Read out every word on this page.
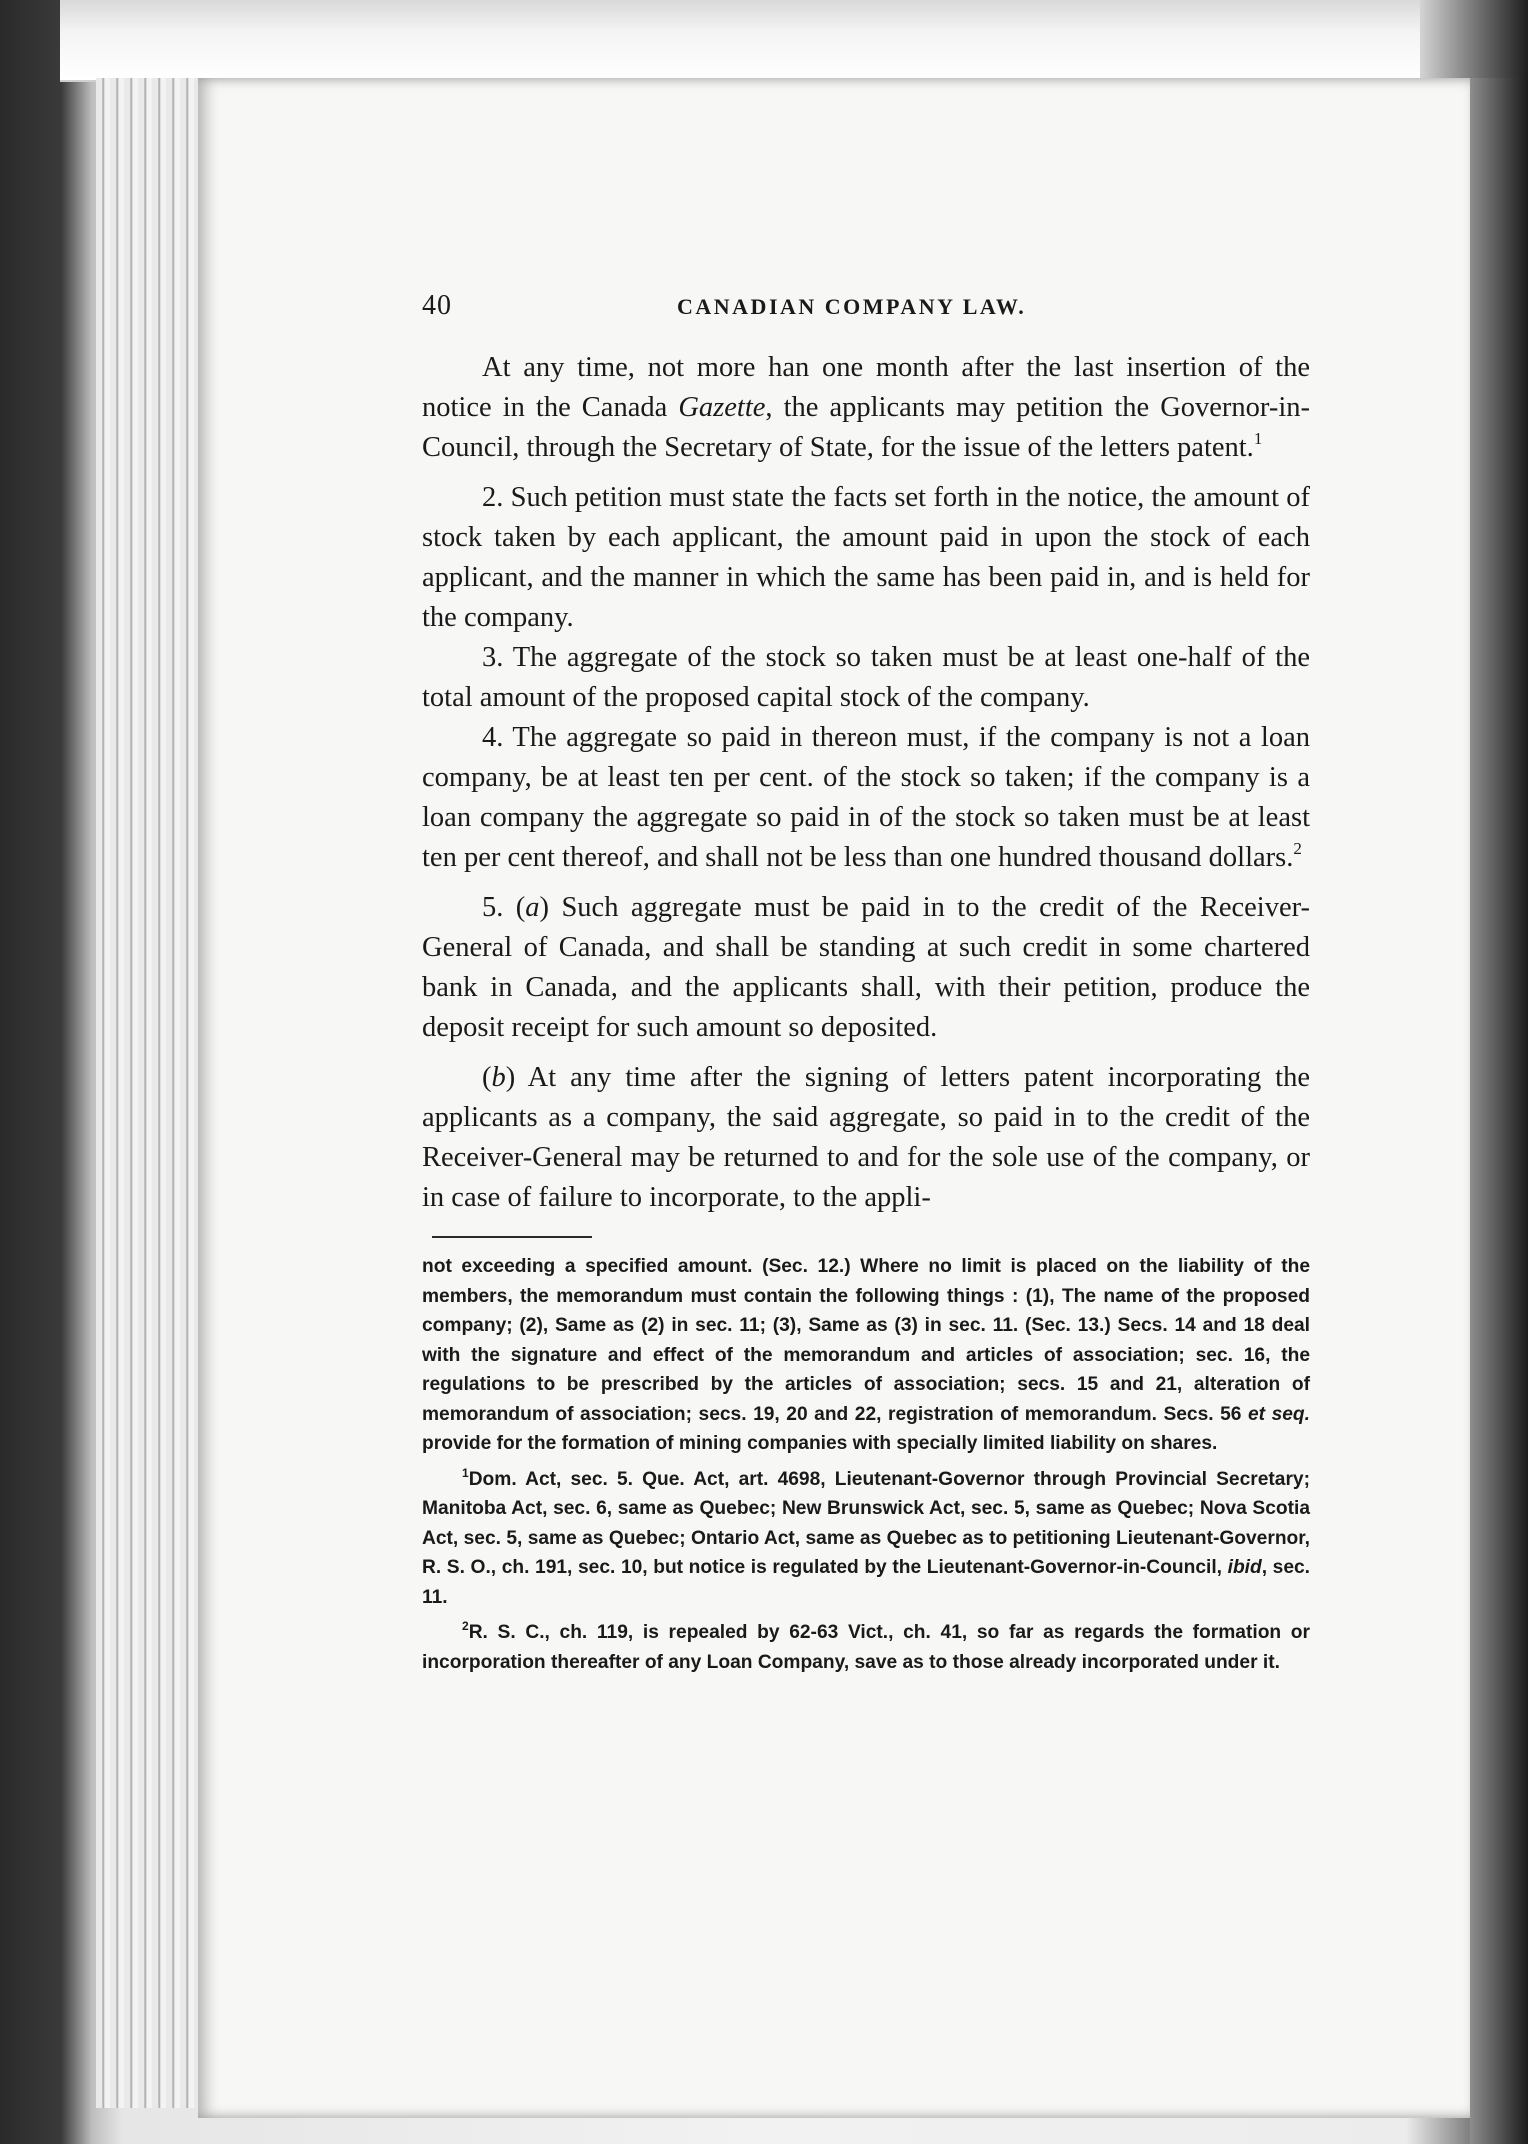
40	CANADIAN COMPANY LAW.

At any time, not more han one month after the last insertion of the notice in the Canada Gazette, the applicants may petition the Governor-in-Council, through the Secretary of State, for the issue of the letters patent.$^1$

2. Such petition must state the facts set forth in the notice, the amount of stock taken by each applicant, the amount paid in upon the stock of each applicant, and the manner in which the same has been paid in, and is held for the company.

3. The aggregate of the stock so taken must be at least one-half of the total amount of the proposed capital stock of the company.

4. The aggregate so paid in thereon must, if the company is not a loan company, be at least ten per cent. of the stock so taken; if the company is a loan company the aggregate so paid in of the stock so taken must be at least ten per cent thereof, and shall not be less than one hundred thousand dollars.$^2$

5. (a) Such aggregate must be paid in to the credit of the Receiver-General of Canada, and shall be standing at such credit in some chartered bank in Canada, and the applicants shall, with their petition, produce the deposit receipt for such amount so deposited.

(b) At any time after the signing of letters patent incorporating the applicants as a company, the said aggregate, so paid in to the credit of the Receiver-General may be returned to and for the sole use of the company, or in case of failure to incorporate, to the appli-

not exceeding a specified amount. (Sec. 12.) Where no limit is placed on the liability of the members, the memorandum must contain the following things : (1), The name of the proposed company; (2), Same as (2) in sec. 11; (3), Same as (3) in sec. 11. (Sec. 13.) Secs. 14 and 18 deal with the signature and effect of the memorandum and articles of association; sec. 16, the regulations to be prescribed by the articles of association; secs. 15 and 21, alteration of memorandum of association; secs. 19, 20 and 22, registration of memorandum. Secs. 56 et seq. provide for the formation of mining companies with specially limited liability on shares.

$^1$Dom. Act, sec. 5. Que. Act, art. 4698, Lieutenant-Governor through Provincial Secretary; Manitoba Act, sec. 6, same as Quebec; New Brunswick Act, sec. 5, same as Quebec; Nova Scotia Act, sec. 5, same as Quebec; Ontario Act, same as Quebec as to petitioning Lieutenant-Governor, R. S. O., ch. 191, sec. 10, but notice is regulated by the Lieutenant-Governor-in-Council, ibid, sec. 11.

$^2$R. S. C., ch. 119, is repealed by 62-63 Vict., ch. 41, so far as regards the formation or incorporation thereafter of any Loan Company, save as to those already incorporated under it.
